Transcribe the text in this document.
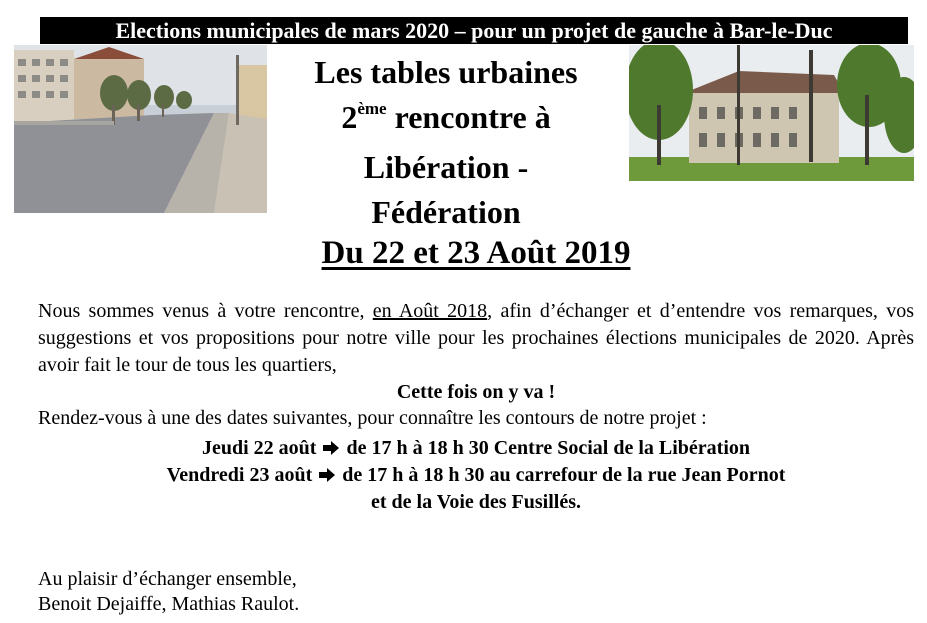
Elections municipales de mars 2020 – pour un projet de gauche à Bar-le-Duc
Les tables urbaines
2ème rencontre à
Libération -
Fédération
Du 22 et 23 Août 2019
Nous sommes venus à votre rencontre, en Août 2018, afin d’échanger et d’entendre vos remarques, vos suggestions et vos propositions pour notre ville pour les prochaines élections municipales de 2020. Après avoir fait le tour de tous les quartiers,
Cette fois on y va !
Rendez-vous à une des dates suivantes, pour connaître les contours de notre projet :
Jeudi 22 août de 17 h à 18 h 30 Centre Social de la Libération
Vendredi 23 août de 17 h à 18 h 30 au carrefour de la rue Jean Pornot
et de la Voie des Fusillés.
Au plaisir d’échanger ensemble,
Benoit Dejaiffe, Mathias Raulot.
